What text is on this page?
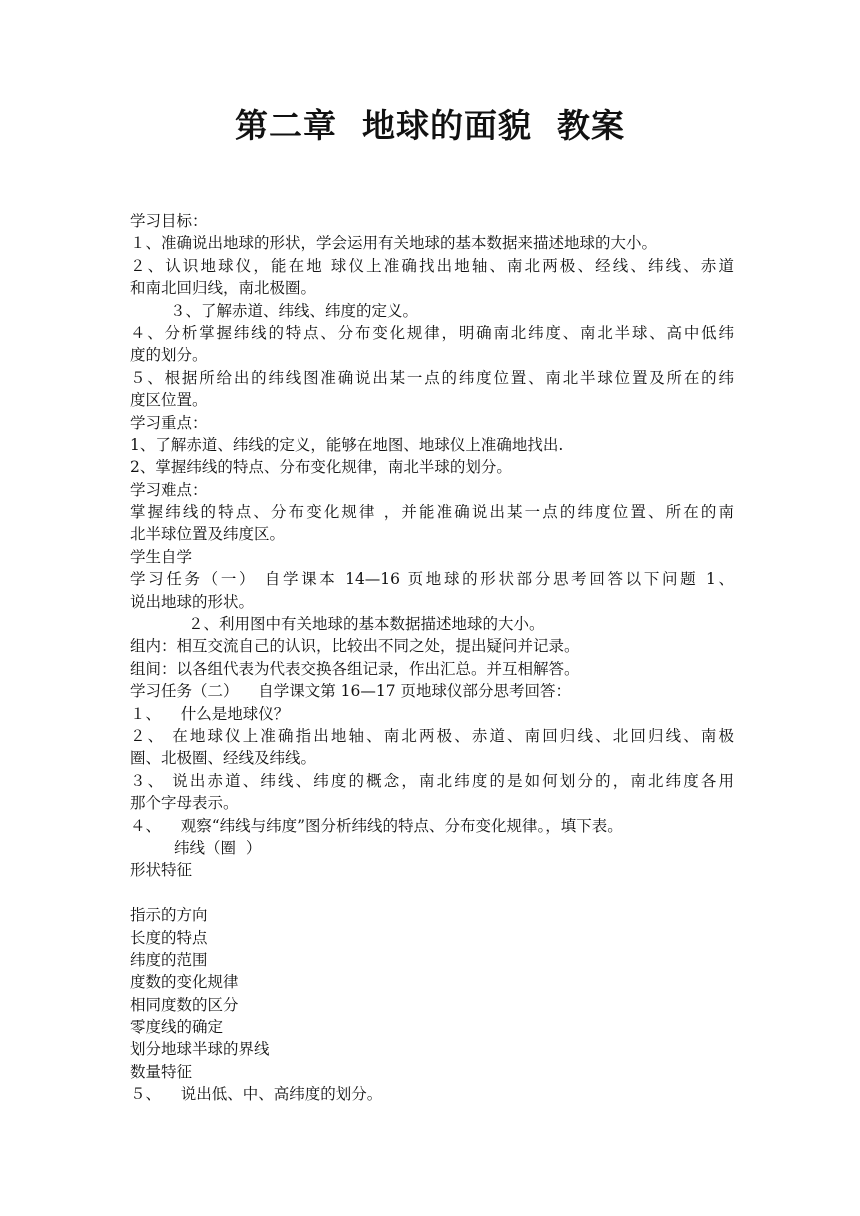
第二章  地球的面貌  教案
学习目标：
１、准确说出地球的形状，学会运用有关地球的基本数据来描述地球的大小。
２、认识地球仪，能在地 球仪上准确找出地轴、南北两极、经线、纬线、赤道
和南北回归线，南北极圈。
３、了解赤道、纬线、纬度的定义。
４、分析掌握纬线的特点、分布变化规律，明确南北纬度、南北半球、高中低纬
度的划分。
５、根据所给出的纬线图准确说出某一点的纬度位置、南北半球位置及所在的纬
度区位置。
学习重点：
1、了解赤道、纬线的定义，能够在地图、地球仪上准确地找出.
2、掌握纬线的特点、分布变化规律，南北半球的划分。
学习难点：
掌握纬线的特点、分布变化规律 ，并能准确说出某一点的纬度位置、所在的南
北半球位置及纬度区。
学生自学
学习任务（一） 自学课本 14—16 页地球的形状部分思考回答以下问题 1、
说出地球的形状。
２、利用图中有关地球的基本数据描述地球的大小。
组内：相互交流自己的认识，比较出不同之处，提出疑问并记录。
组间：以各组代表为代表交换各组记录，作出汇总。并互相解答。
学习任务（二）    自学课文第 16—17 页地球仪部分思考回答：
１、    什么是地球仪？
２、 在地球仪上准确指出地轴、南北两极、赤道、南回归线、北回归线、南极
圈、北极圈、经线及纬线。
３、 说出赤道、纬线、纬度的概念，南北纬度的是如何划分的，南北纬度各用
那个字母表示。
４、    观察“纬线与纬度”图分析纬线的特点、分布变化规律。，填下表。
纬线（圈  ）
形状特征
指示的方向
长度的特点
纬度的范围
度数的变化规律
相同度数的区分
零度线的确定
划分地球半球的界线
数量特征
５、    说出低、中、高纬度的划分。
